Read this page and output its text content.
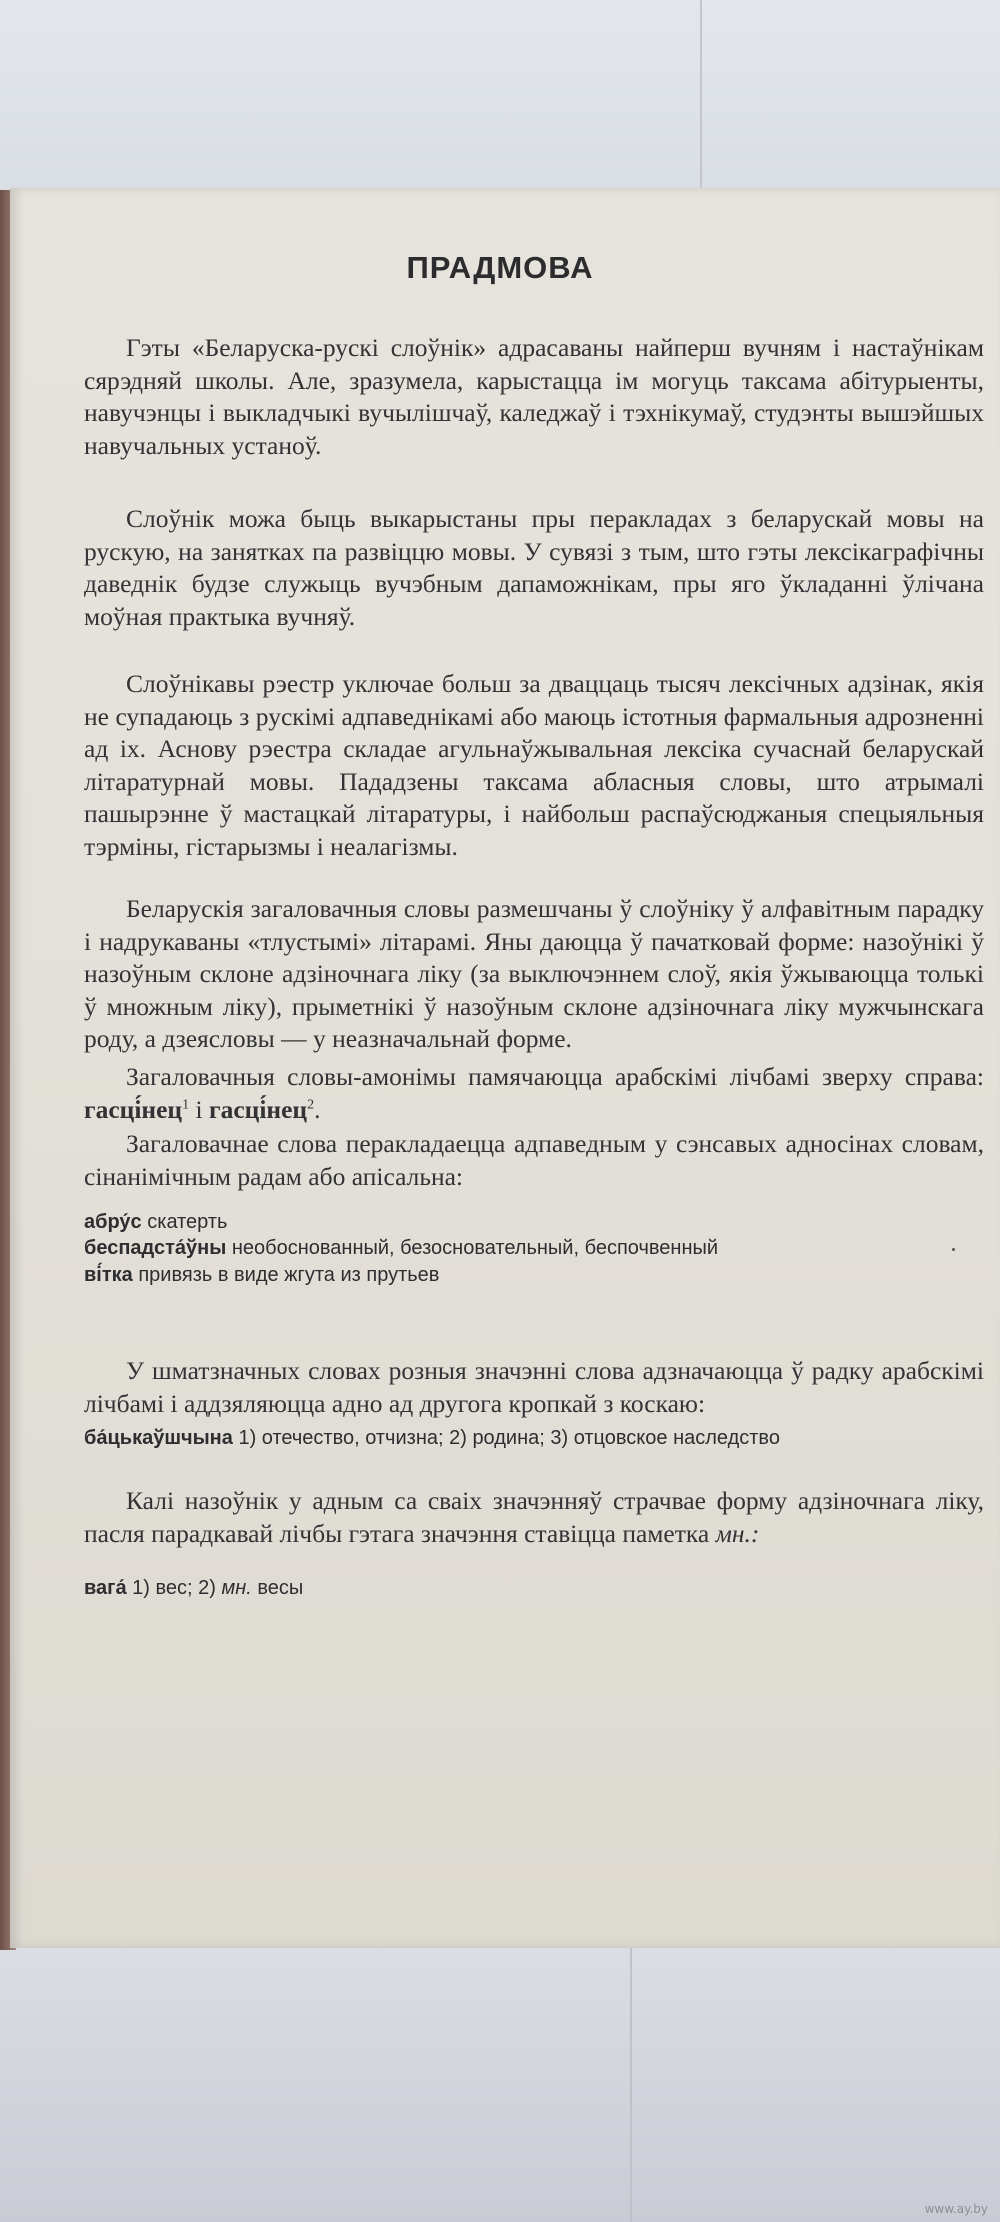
ПРАДМОВА

Гэты «Беларуска-рускі слоўнік» адрасаваны найперш вучням і настаўнікам сярэдняй школы. Але, зразумела, карыстацца ім могуць таксама абітурыенты, навучэнцы і выкладчыкі вучылішчаў, каледжаў і тэхнікумаў, студэнты вышэйшых навучальных устаноў.

Слоўнік можа быць выкарыстаны пры перакладах з беларускай мовы на рускую, на занятках па развіццю мовы. У сувязі з тым, што гэты лексікаграфічны даведнік будзе служыць вучэбным дапаможнікам, пры яго ўкладанні ўлічана моўная практыка вучняў.

Слоўнікавы рэестр уключае больш за дваццаць тысяч лексічных адзінак, якія не супадаюць з рускімі адпаведнікамі або маюць істотныя фармальныя адрозненні ад іх. Аснову рэестра складае агульнаўжывальная лексіка сучаснай беларускай літаратурнай мовы. Пададзены таксама абласныя словы, што атрымалі пашырэнне ў мастацкай літаратуры, і найбольш распаўсюджаныя спецыяльныя тэрміны, гістарызмы і неалагізмы.

Беларускія загаловачныя словы размешчаны ў слоўніку ў алфавітным парадку і надрукаваны «тлустымі» літарамі. Яны даюцца ў пачатковай форме: назоўнікі ў назоўным склоне адзіночнага ліку (за выключэннем слоў, якія ўжываюцца толькі ў множным ліку), прыметнікі ў назоўным склоне адзіночнага ліку мужчынскага роду, а дзеясловы — у неазначальнай форме.

Загаловачныя словы-амонімы памячаюцца арабскімі лічбамі зверху справа: гасці́нец$^1$ і гасці́нец$^2$.

Загаловачнае слова перакладаецца адпаведным у сэнсавых адносінах словам, сінанімічным радам або апісальна:

абру́с скатерть
беспадста́ўны необоснованный, безосновательный, беспочвенный
ві́тка привязь в виде жгута из прутьев

У шматзначных словах розныя значэнні слова адзначаюцца ў радку арабскімі лічбамі і аддзяляюцца адно ад другога кропкай з коскаю:

ба́цькаўшчына 1) отечество, отчизна; 2) родина; 3) отцовское наследство

Калі назоўнік у адным са сваіх значэнняў страчвае форму адзіночнага ліку, пасля парадкавай лічбы гэтага значэння ставіцца паметка мн.:

вага́ 1) вес; 2) мн. весы
www.ay.by
